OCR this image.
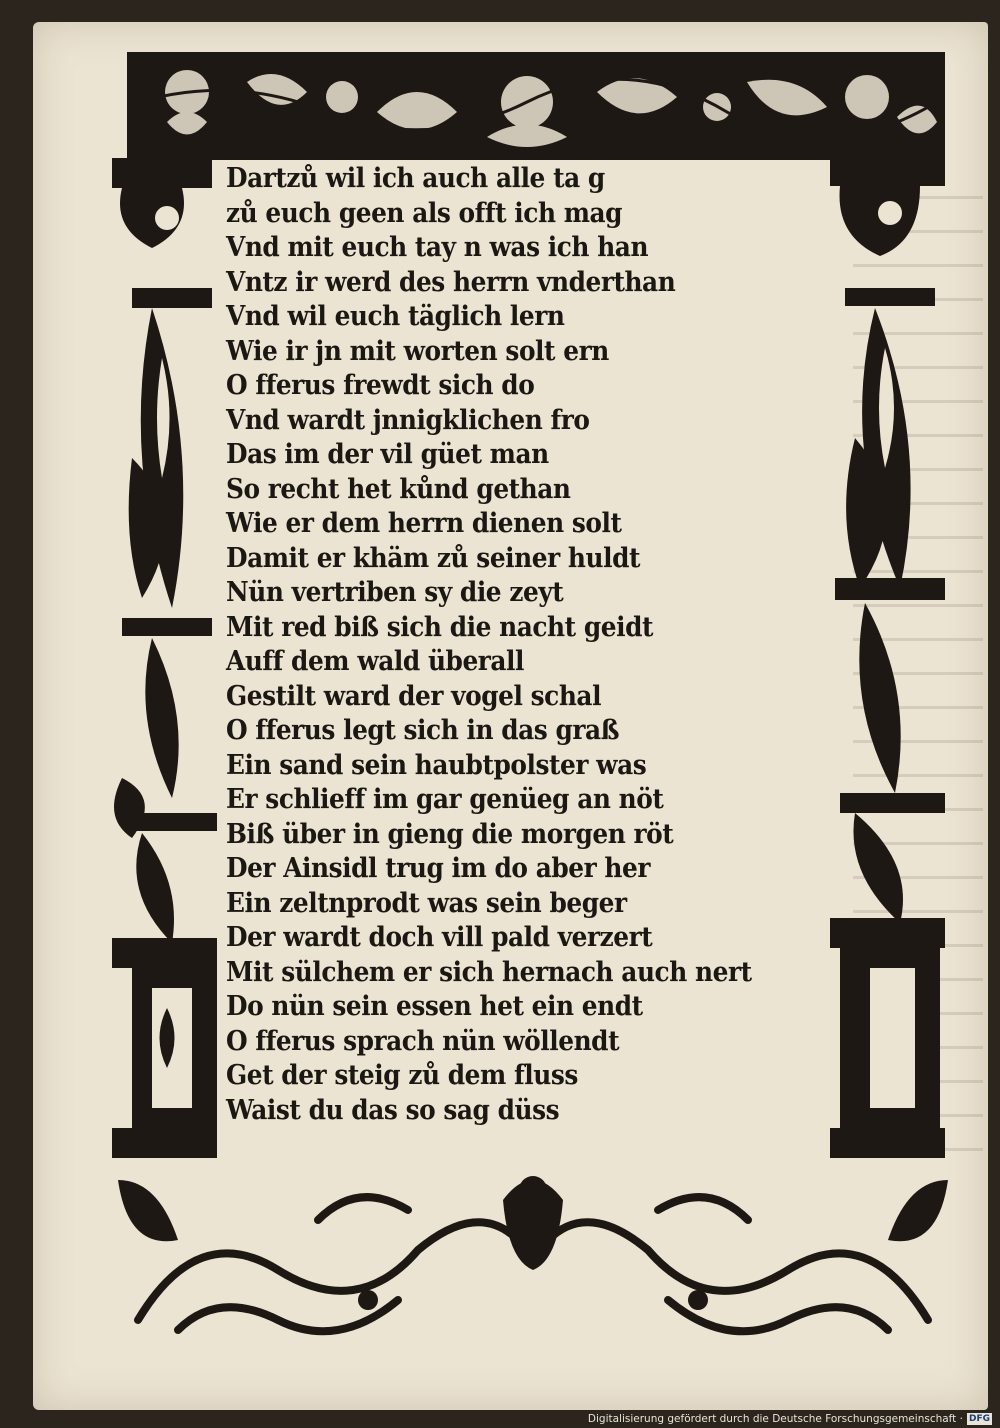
Dartzů wil ich auch alle ta g
zů euch geen als offt ich mag
Vnd mit euch tay n was ich han
Vntz ir werd des herrn vnderthan
Vnd wil euch täglich lern
Wie ir jn mit worten solt ern
O fferus frewdt sich do
Vnd wardt jnnigklichen fro
Das im der vil güet man
So recht het kůnd gethan
Wie er dem herrn dienen solt
Damit er khäm zů seiner huldt
Nün vertriben sy die zeyt
Mit red biß sich die nacht geidt
Auff dem wald überall
Gestilt ward der vogel schal
O fferus legt sich in das graß
Ein sand sein haubtpolster was
Er schlieff im gar genüeg an nöt
Biß über in gieng die morgen röt
Der Ainsidl trug im do aber her
Ein zeltnprodt was sein beger
Der wardt doch vill pald verzert
Mit sülchem er sich hernach auch nert
Do nün sein essen het ein endt
O fferus sprach nün wöllendt
Get der steig zů dem fluss
Waist du das so sag düss
Digitalisierung gefördert durch die Deutsche Forschungsgemeinschaft · DFG
